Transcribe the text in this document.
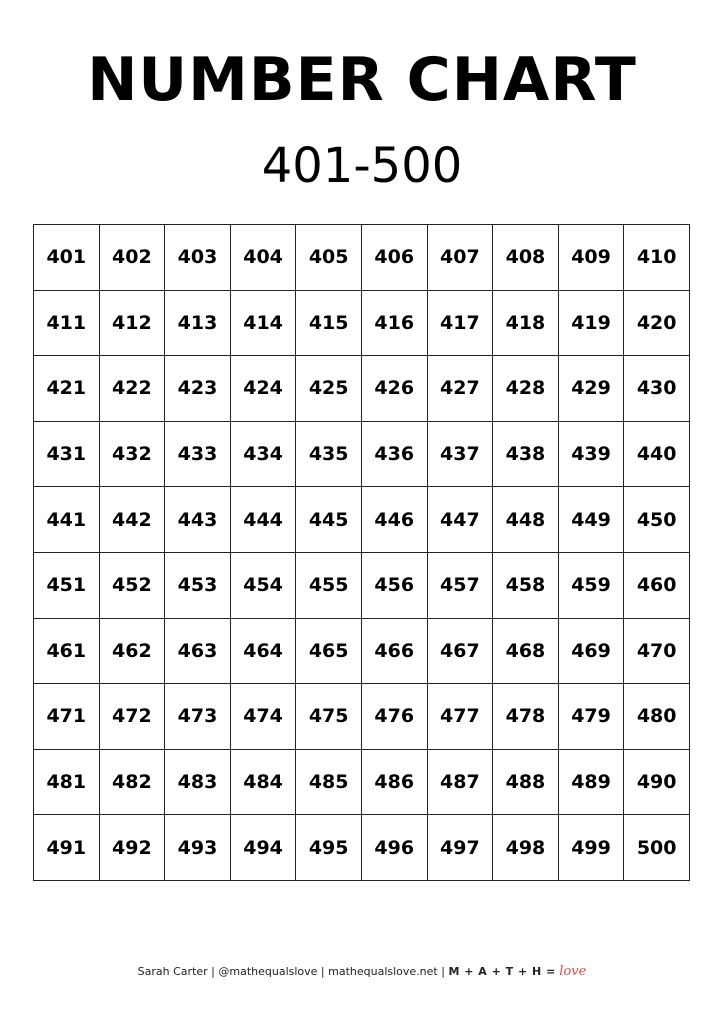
NUMBER CHART
401-500
401	402	403	404	405	406	407	408	409	410
411	412	413	414	415	416	417	418	419	420
421	422	423	424	425	426	427	428	429	430
431	432	433	434	435	436	437	438	439	440
441	442	443	444	445	446	447	448	449	450
451	452	453	454	455	456	457	458	459	460
461	462	463	464	465	466	467	468	469	470
471	472	473	474	475	476	477	478	479	480
481	482	483	484	485	486	487	488	489	490
491	492	493	494	495	496	497	498	499	500
Sarah Carter | @mathequalslove | mathequalslove.net | M + A + T + H = love
